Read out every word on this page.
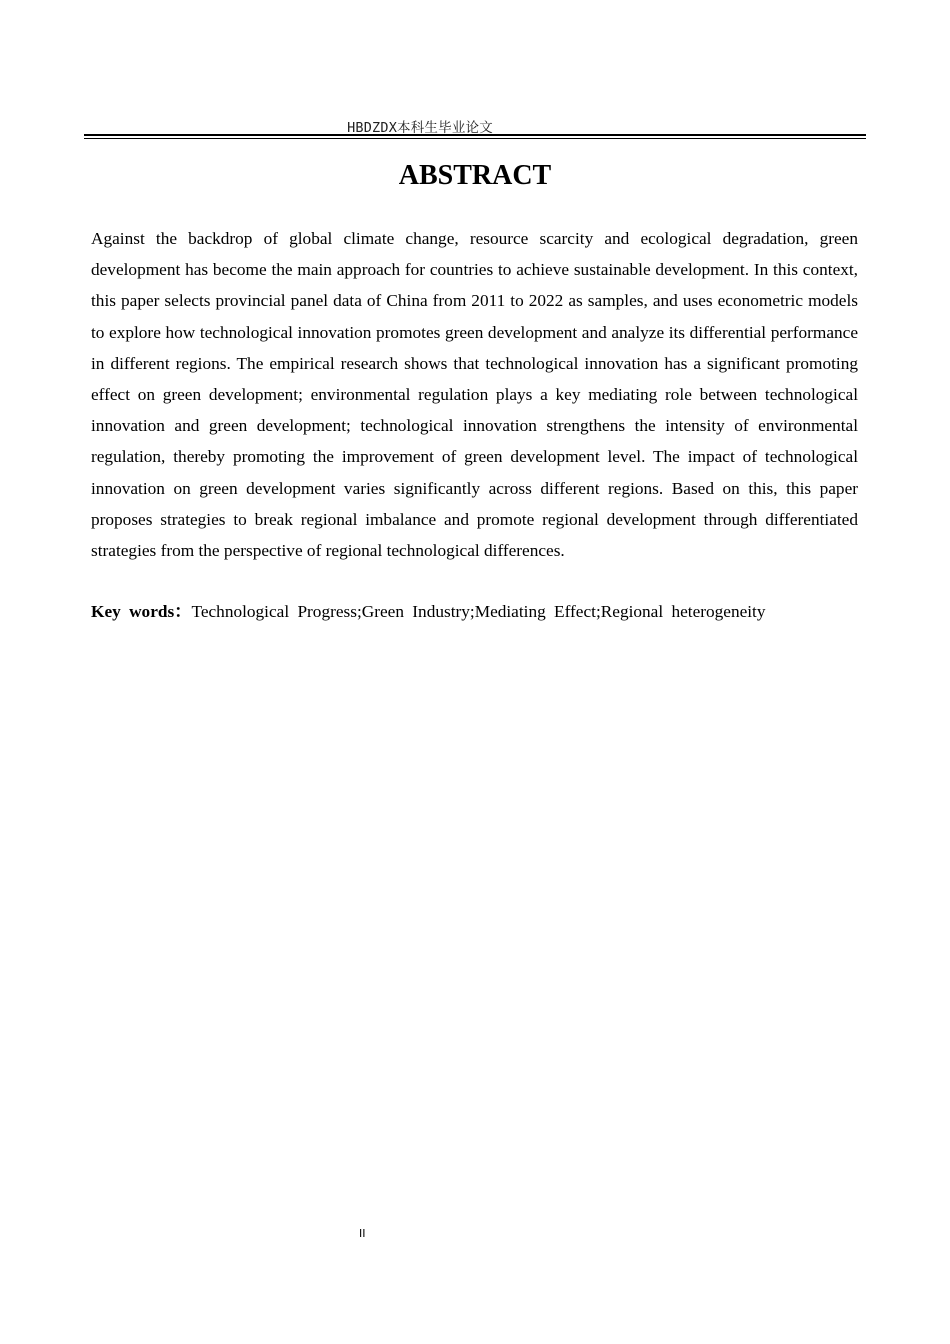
HBDZDX本科生毕业论文
ABSTRACT

Against the backdrop of global climate change, resource scarcity and ecological degradation, green development has become the main approach for countries to achieve sustainable development. In this context, this paper selects provincial panel data of China from 2011 to 2022 as samples, and uses econometric models to explore how technological innovation promotes green development and analyze its differential performance in different regions. The empirical research shows that technological innovation has a significant promoting effect on green development; environmental regulation plays a key mediating role between technological innovation and green development; technological innovation strengthens the intensity of environmental regulation, thereby promoting the improvement of green development level. The impact of technological innovation on green development varies significantly across different regions. Based on this, this paper proposes strategies to break regional imbalance and promote regional development through differentiated strategies from the perspective of regional technological differences.

Key words：Technological Progress;Green Industry;Mediating Effect;Regional heterogeneity

II
